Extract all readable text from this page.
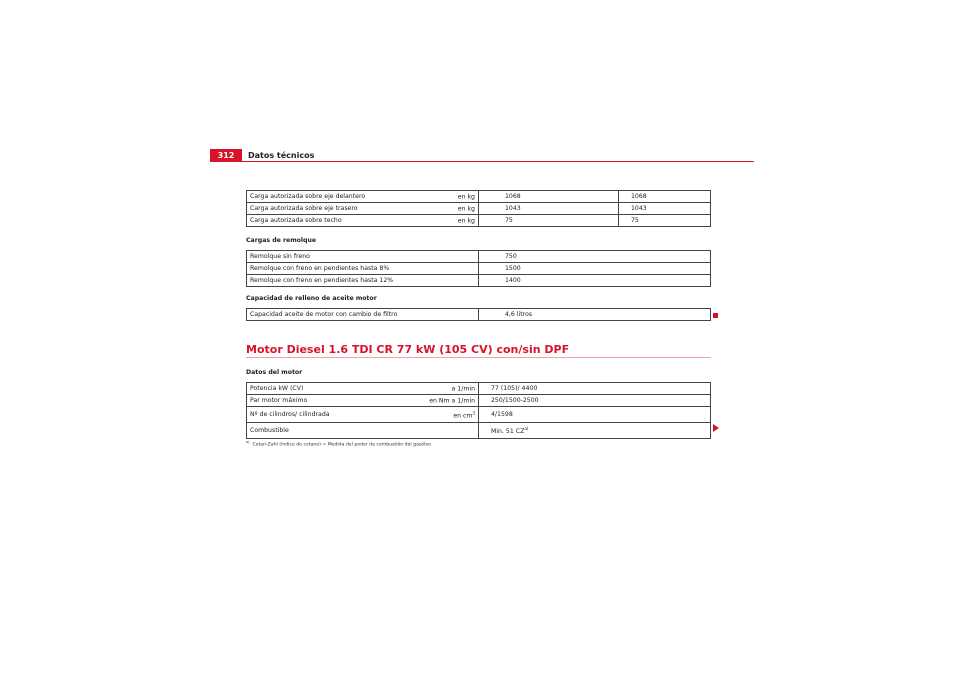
312	Datos técnicos
Carga autorizada sobre eje delantero en kg	1068	1068
Carga autorizada sobre eje trasero en kg	1043	1043
Carga autorizada sobre techo en kg	75	75
Cargas de remolque
Remolque sin freno	750
Remolque con freno en pendientes hasta 8%	1500
Remolque con freno en pendientes hasta 12%	1400
Capacidad de relleno de aceite motor
Capacidad aceite de motor con cambio de filtro	4,6 litros
Motor Diesel 1.6 TDI CR 77 kW (105 CV) con/sin DPF
Datos del motor
Potencia kW (CV) a 1/min	77 (105)/ 4400
Par motor máximo en Nm a 1/min	250/1500-2500
Nº de cilindros/ cilindrada en $cm^3$	4/1598
Combustible	Min. 51 CZ$^{a)}$
$^{a)}$  Cetan-Zahl (índice de cetano) = Medida del poder de combustión del gasóleo
